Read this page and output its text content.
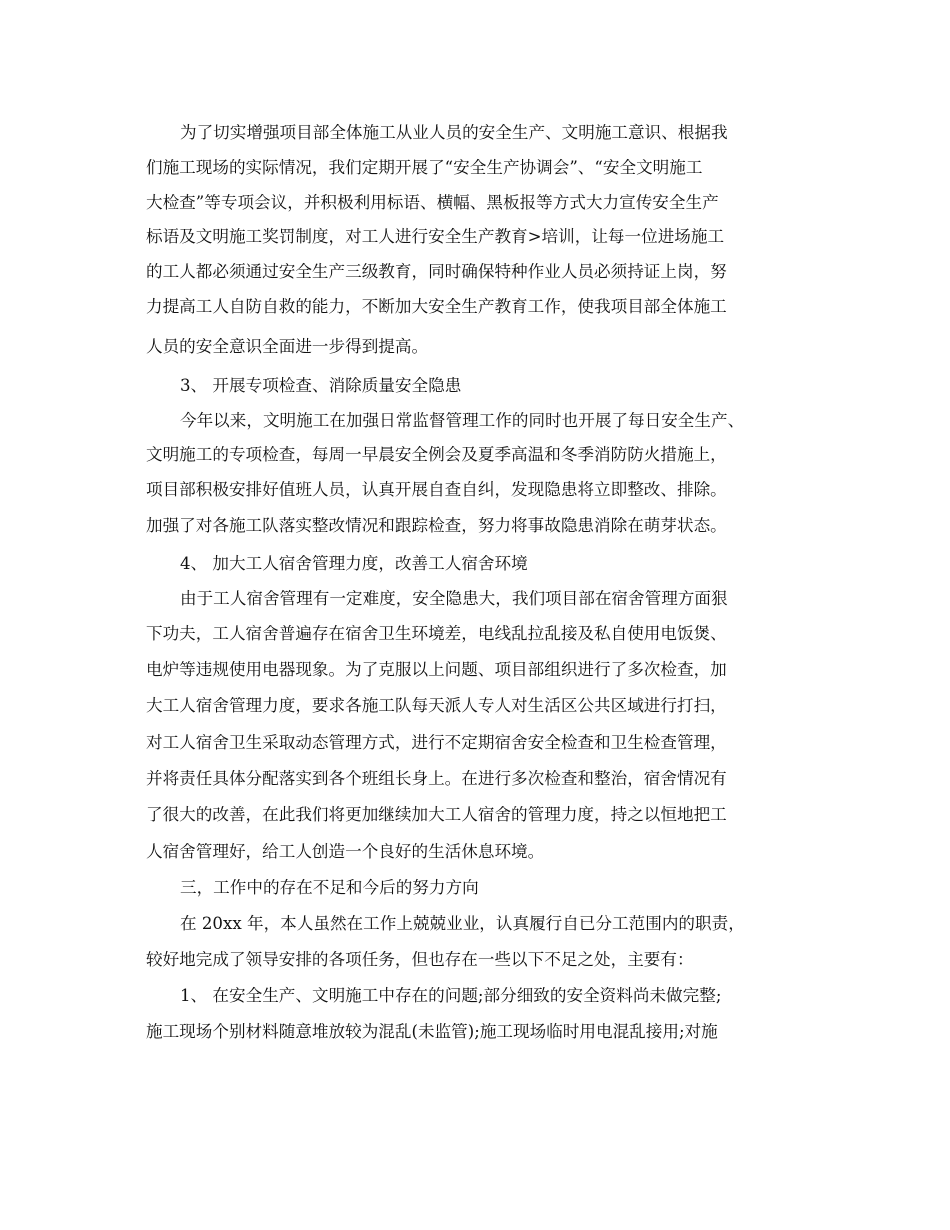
为了切实增强项目部全体施工从业人员的安全生产、文明施工意识、根据我
们施工现场的实际情况，我们定期开展了“安全生产协调会”、“安全文明施工
大检查”等专项会议，并积极利用标语、横幅、黑板报等方式大力宣传安全生产
标语及文明施工奖罚制度，对工人进行安全生产教育>培训，让每一位进场施工
的工人都必须通过安全生产三级教育，同时确保特种作业人员必须持证上岗，努
力提高工人自防自救的能力，不断加大安全生产教育工作，使我项目部全体施工
人员的安全意识全面进一步得到提高。
3、 开展专项检查、消除质量安全隐患
今年以来，文明施工在加强日常监督管理工作的同时也开展了每日安全生产、
文明施工的专项检查，每周一早晨安全例会及夏季高温和冬季消防防火措施上，
项目部积极安排好值班人员，认真开展自查自纠，发现隐患将立即整改、排除。
加强了对各施工队落实整改情况和跟踪检查，努力将事故隐患消除在萌芽状态。
4、 加大工人宿舍管理力度，改善工人宿舍环境
由于工人宿舍管理有一定难度，安全隐患大，我们项目部在宿舍管理方面狠
下功夫，工人宿舍普遍存在宿舍卫生环境差，电线乱拉乱接及私自使用电饭煲、
电炉等违规使用电器现象。为了克服以上问题、项目部组织进行了多次检查，加
大工人宿舍管理力度，要求各施工队每天派人专人对生活区公共区域进行打扫，
对工人宿舍卫生采取动态管理方式，进行不定期宿舍安全检查和卫生检查管理，
并将责任具体分配落实到各个班组长身上。在进行多次检查和整治，宿舍情况有
了很大的改善，在此我们将更加继续加大工人宿舍的管理力度，持之以恒地把工
人宿舍管理好，给工人创造一个良好的生活休息环境。
三，工作中的存在不足和今后的努力方向
在 20xx 年，本人虽然在工作上兢兢业业，认真履行自已分工范围内的职责，
较好地完成了领导安排的各项任务，但也存在一些以下不足之处，主要有：
1、 在安全生产、文明施工中存在的问题;部分细致的安全资料尚未做完整;
施工现场个别材料随意堆放较为混乱(未监管);施工现场临时用电混乱接用;对施
